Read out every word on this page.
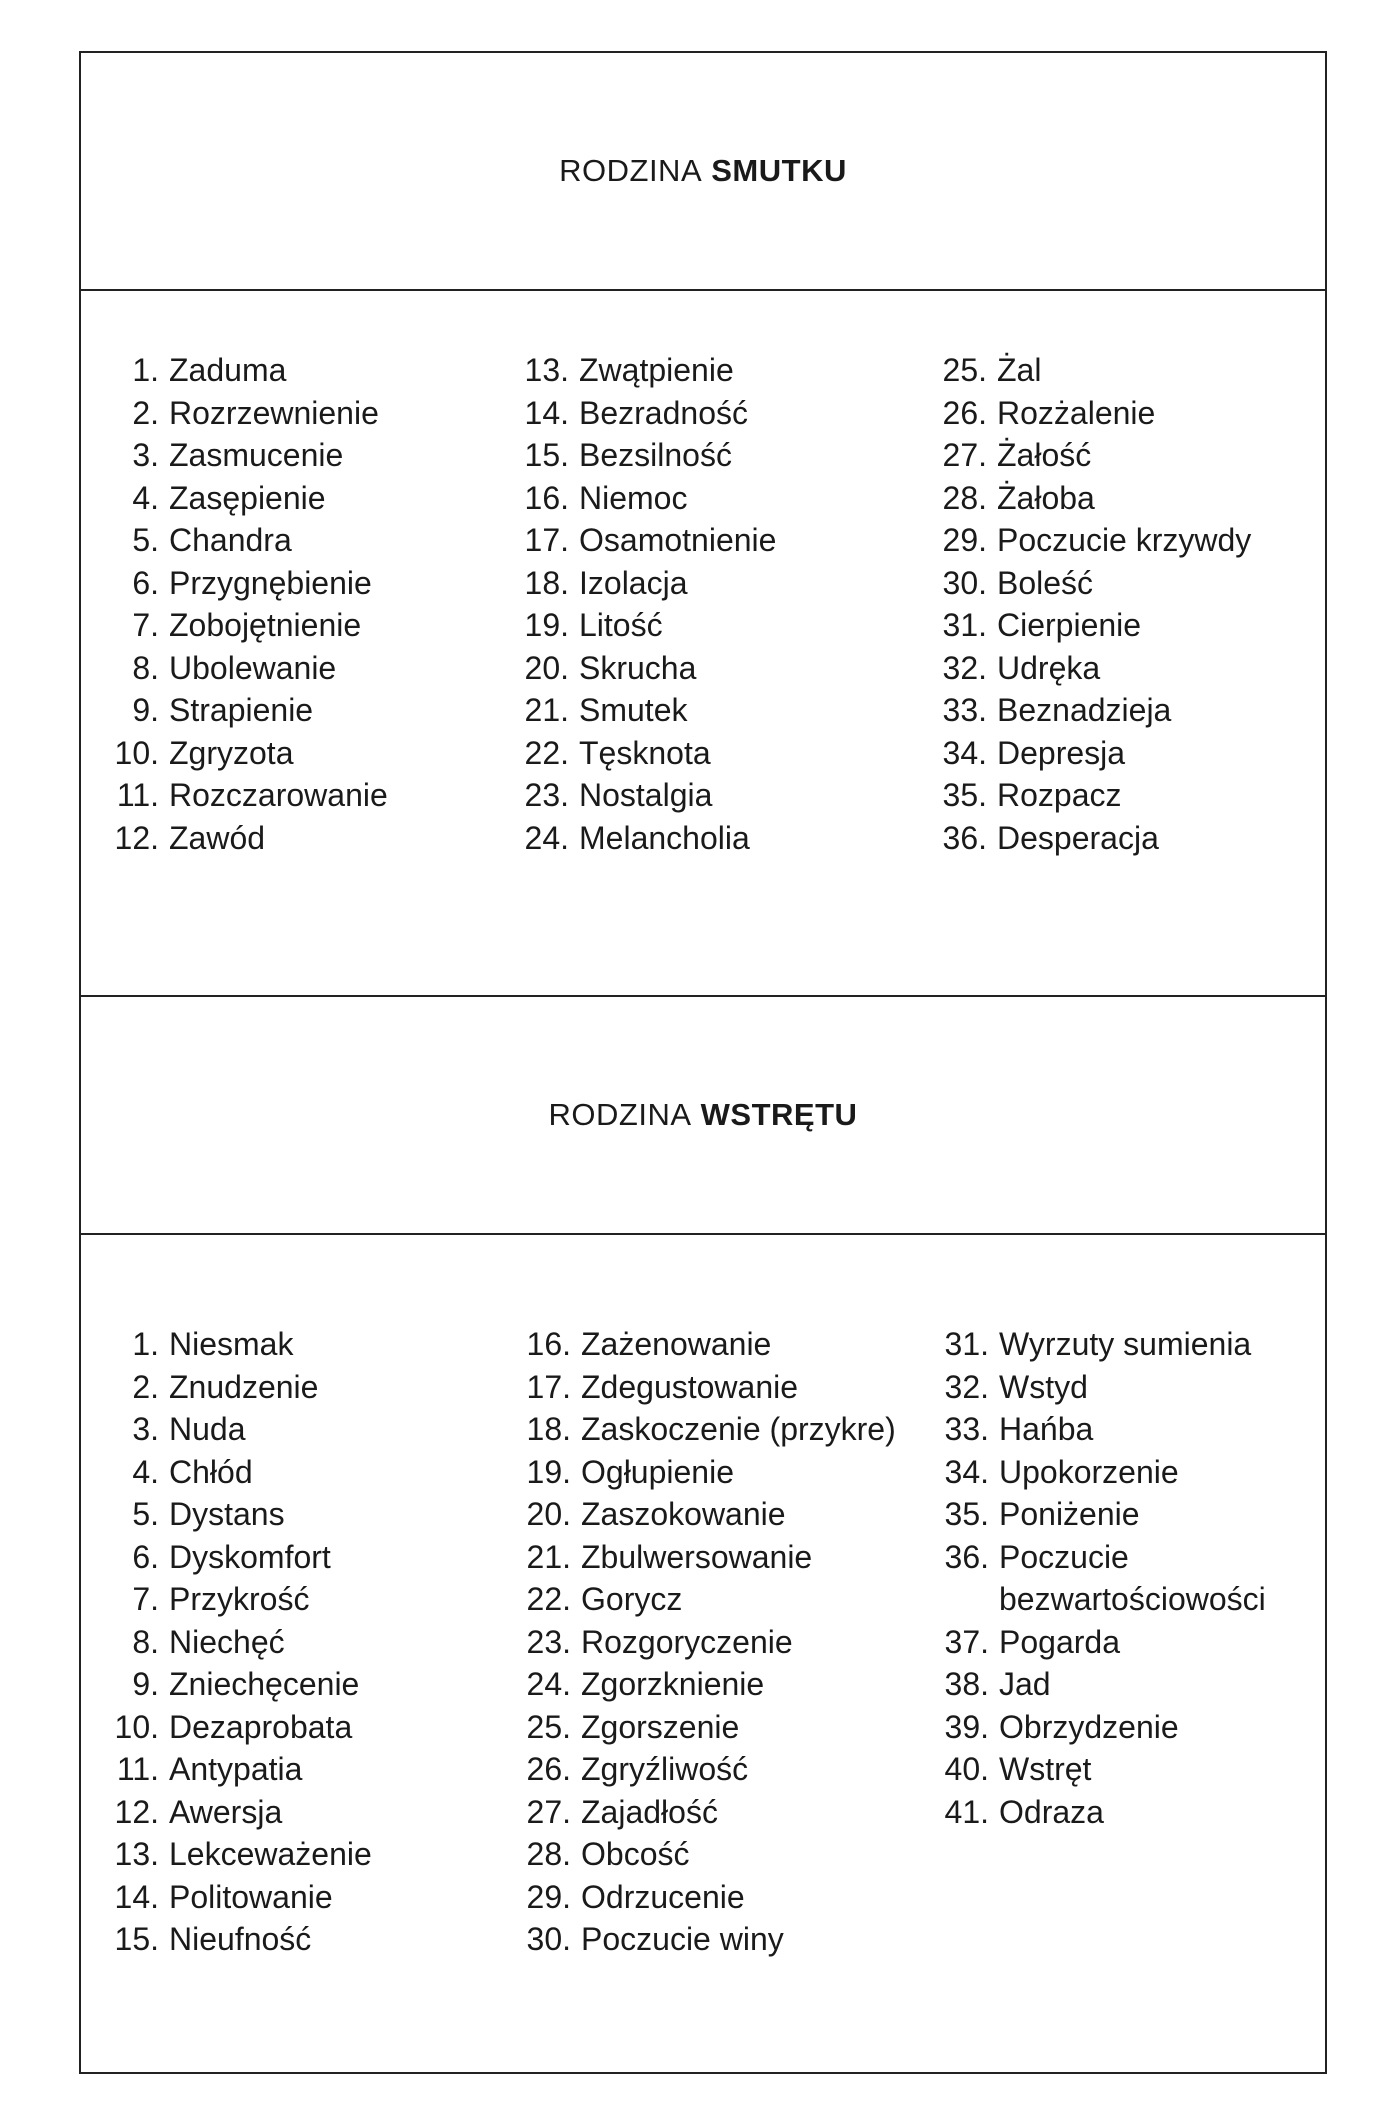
RODZINA
SMUTKU
1. Zaduma
2. Rozrzewnienie
3. Zasmucenie
4. Zasępienie
5. Chandra
6. Przygnębienie
7. Zobojętnienie
8. Ubolewanie
9. Strapienie
10. Zgryzota
11. Rozczarowanie
12. Zawód
13. Zwątpienie
14. Bezradność
15. Bezsilność
16. Niemoc
17. Osamotnienie
18. Izolacja
19. Litość
20. Skrucha
21. Smutek
22. Tęsknota
23. Nostalgia
24. Melancholia
25. Żal
26. Rozżalenie
27. Żałość
28. Żałoba
29. Poczucie krzywdy
30. Boleść
31. Cierpienie
32. Udręka
33. Beznadzieja
34. Depresja
35. Rozpacz
36. Desperacja
RODZINA
WSTRĘTU
1. Niesmak
2. Znudzenie
3. Nuda
4. Chłód
5. Dystans
6. Dyskomfort
7. Przykrość
8. Niechęć
9. Zniechęcenie
10. Dezaprobata
11. Antypatia
12. Awersja
13. Lekceważenie
14. Politowanie
15. Nieufność
16. Zażenowanie
17. Zdegustowanie
18. Zaskoczenie (przykre)
19. Ogłupienie
20. Zaszokowanie
21. Zbulwersowanie
22. Gorycz
23. Rozgoryczenie
24. Zgorzknienie
25. Zgorszenie
26. Zgryźliwość
27. Zajadłość
28. Obcość
29. Odrzucenie
30. Poczucie winy
31. Wyrzuty sumienia
32. Wstyd
33. Hańba
34. Upokorzenie
35. Poniżenie
36. Poczucie
bezwartościowości
37. Pogarda
38. Jad
39. Obrzydzenie
40. Wstręt
41. Odraza
